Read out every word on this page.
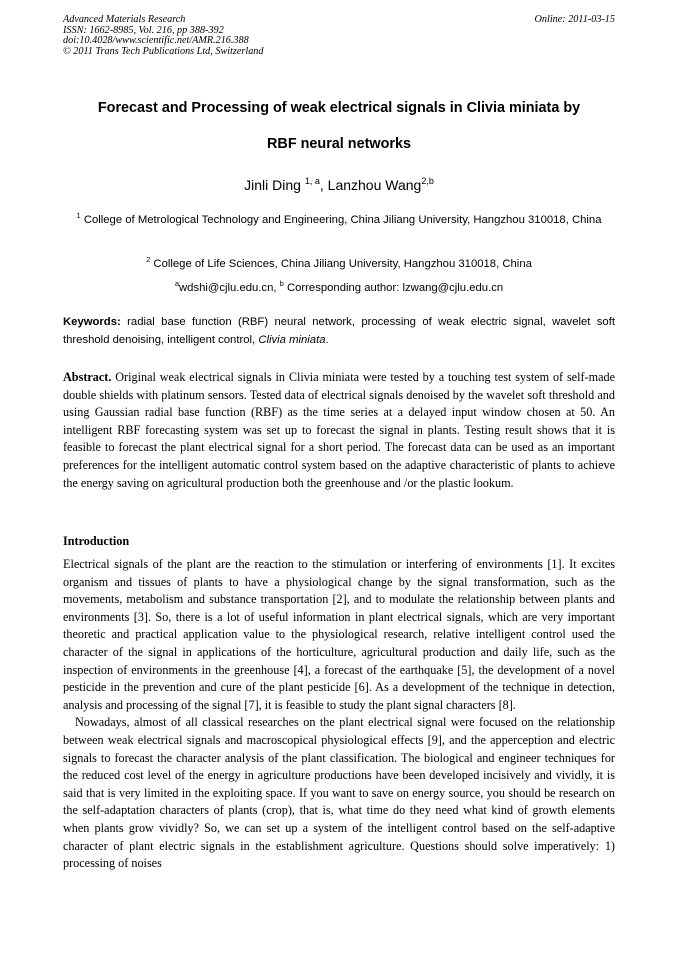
Advanced Materials Research
ISSN: 1662-8985, Vol. 216, pp 388-392
doi:10.4028/www.scientific.net/AMR.216.388
© 2011 Trans Tech Publications Ltd, Switzerland
Online: 2011-03-15
Forecast and Processing of weak electrical signals in Clivia miniata by
RBF neural networks
Jinli Ding $^{1, a}$, Lanzhou Wang$^{2,b}$
$^1$ College of Metrological Technology and Engineering, China Jiliang University, Hangzhou 310018, China
$^2$ College of Life Sciences, China Jiliang University, Hangzhou 310018, China
$^a$wdshi@cjlu.edu.cn, $^b$ Corresponding author: lzwang@cjlu.edu.cn
Keywords: radial base function (RBF) neural network, processing of weak electric signal, wavelet soft threshold denoising, intelligent control, Clivia miniata.
Abstract. Original weak electrical signals in Clivia miniata were tested by a touching test system of self-made double shields with platinum sensors. Tested data of electrical signals denoised by the wavelet soft threshold and using Gaussian radial base function (RBF) as the time series at a delayed input window chosen at 50. An intelligent RBF forecasting system was set up to forecast the signal in plants. Testing result shows that it is feasible to forecast the plant electrical signal for a short period. The forecast data can be used as an important preferences for the intelligent automatic control system based on the adaptive characteristic of plants to achieve the energy saving on agricultural production both the greenhouse and /or the plastic lookum.
Introduction

Electrical signals of the plant are the reaction to the stimulation or interfering of environments [1]. It excites organism and tissues of plants to have a physiological change by the signal transformation, such as the movements, metabolism and substance transportation [2], and to modulate the relationship between plants and environments [3]. So, there is a lot of useful information in plant electrical signals, which are very important theoretic and practical application value to the physiological research, relative intelligent control used the character of the signal in applications of the horticulture, agricultural production and daily life, such as the inspection of environments in the greenhouse [4], a forecast of the earthquake [5], the development of a novel pesticide in the prevention and cure of the plant pesticide [6]. As a development of the technique in detection, analysis and processing of the signal [7], it is feasible to study the plant signal characters [8].

Nowadays, almost of all classical researches on the plant electrical signal were focused on the relationship between weak electrical signals and macroscopical physiological effects [9], and the apperception and electric signals to forecast the character analysis of the plant classification. The biological and engineer techniques for the reduced cost level of the energy in agriculture productions have been developed incisively and vividly, it is said that is very limited in the exploiting space. If you want to save on energy source, you should be research on the self-adaptation characters of plants (crop), that is, what time do they need what kind of growth elements when plants grow vividly? So, we can set up a system of the intelligent control based on the self-adaptive character of plant electric signals in the establishment agriculture. Questions should solve imperatively: 1) processing of noises
